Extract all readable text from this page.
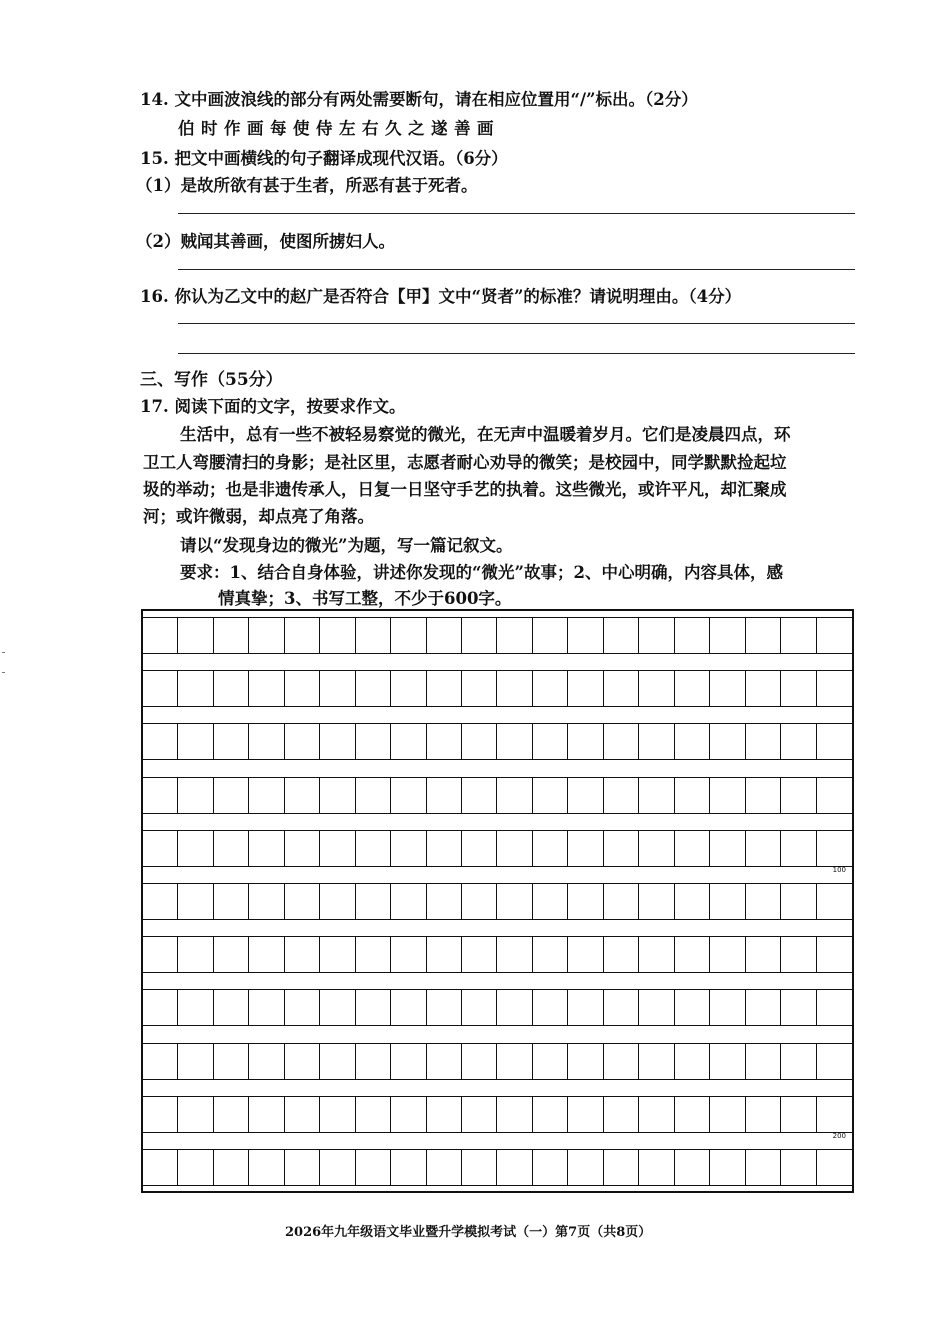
14. 文中画波浪线的部分有两处需要断句，请在相应位置用“/”标出。（2分）
伯时作画每使侍左右久之遂善画
15. 把文中画横线的句子翻译成现代汉语。（6分）
（1）是故所欲有甚于生者，所恶有甚于死者。
（2）贼闻其善画，使图所掳妇人。
16. 你认为乙文中的赵广是否符合【甲】文中“贤者”的标准？请说明理由。（4分）
三、写作（55分）
17. 阅读下面的文字，按要求作文。
生活中，总有一些不被轻易察觉的微光，在无声中温暖着岁月。它们是凌晨四点，环
卫工人弯腰清扫的身影；是社区里，志愿者耐心劝导的微笑；是校园中，同学默默捡起垃
圾的举动；也是非遗传承人，日复一日坚守手艺的执着。这些微光，或许平凡，却汇聚成
河；或许微弱，却点亮了角落。
请以“发现身边的微光”为题，写一篇记叙文。
要求：1、结合自身体验，讲述你发现的“微光”故事；2、中心明确，内容具体，感
情真挚；3、书写工整，不少于600字。
100
200
2026年九年级语文毕业暨升学模拟考试（一）第7页（共8页）
